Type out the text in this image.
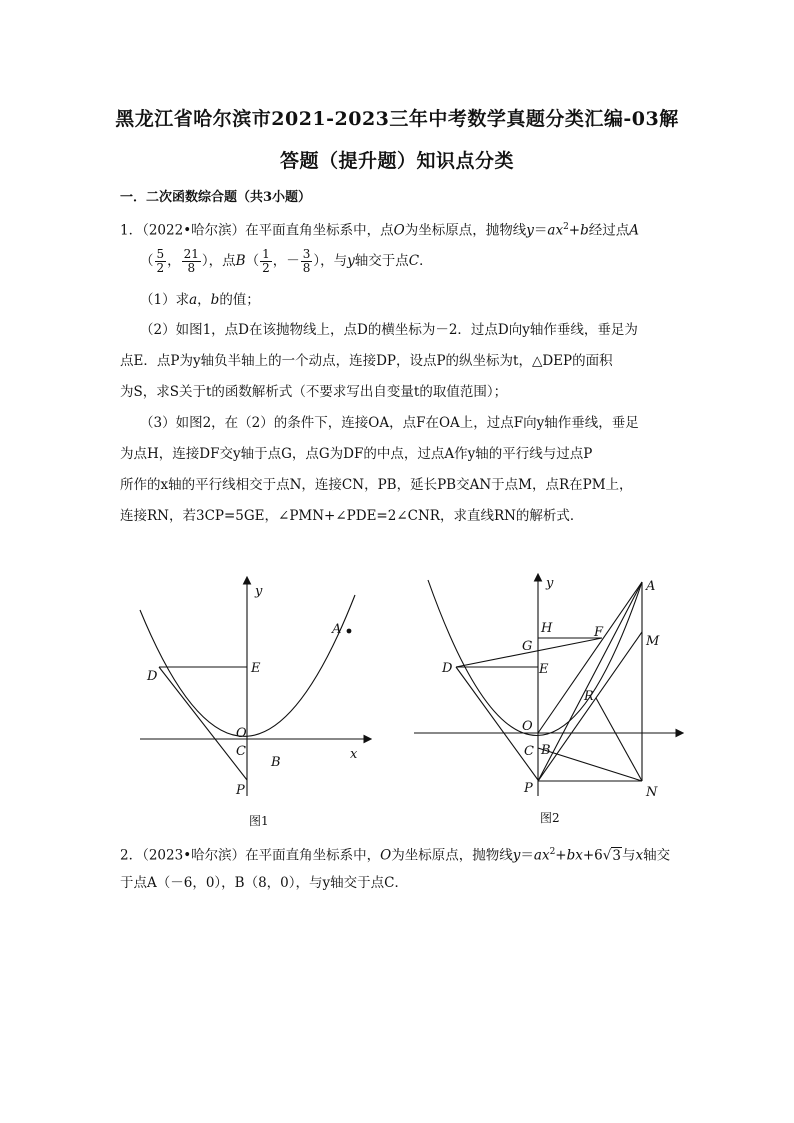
黑龙江省哈尔滨市2021-2023三年中考数学真题分类汇编-03解
答题（提升题）知识点分类
一．二次函数综合题（共3小题）
1．（2022•哈尔滨）在平面直角坐标系中，点O为坐标原点，抛物线$y=ax^2+b$经过点A
（ $\frac{5}{2}$ ， $\frac{21}{8}$ ），点$B( \frac{1}{2}$ ，－ $\frac{3}{8}$ ），与y轴交于点C．
（1）求a，b的值；
（2）如图1，点D在该抛物线上，点D的横坐标为－2．过点D向y轴作垂线，垂足为
点E．点P为y轴负半轴上的一个动点，连接DP，设点P的纵坐标为t，△DEP的面积
为S，求S关于t的函数解析式（不要求写出自变量t的取值范围）；
（3）如图2，在（2）的条件下，连接OA，点F在OA上，过点F向y轴作垂线，垂足
为点H，连接DF交y轴于点G，点G为DF的中点，过点A作y轴的平行线与过点P
所作的x轴的平行线相交于点N，连接CN，PB，延长PB交AN于点M，点R在PM上，
连接RN，若3CP=5GE，∠PMN+∠PDE=2∠CNR，求直线RN的解析式．
y
x
A
D
E
O
C
B
P
图1
y	A
H	F
G	M
D	E
R
O
C B
P	N
图2
2．（2023•哈尔滨）在平面直角坐标系中，O为坐标原点，抛物线$y=ax^2+bx+6√3$与x轴交
于点A（－6，0），B（8，0），与y轴交于点C．
